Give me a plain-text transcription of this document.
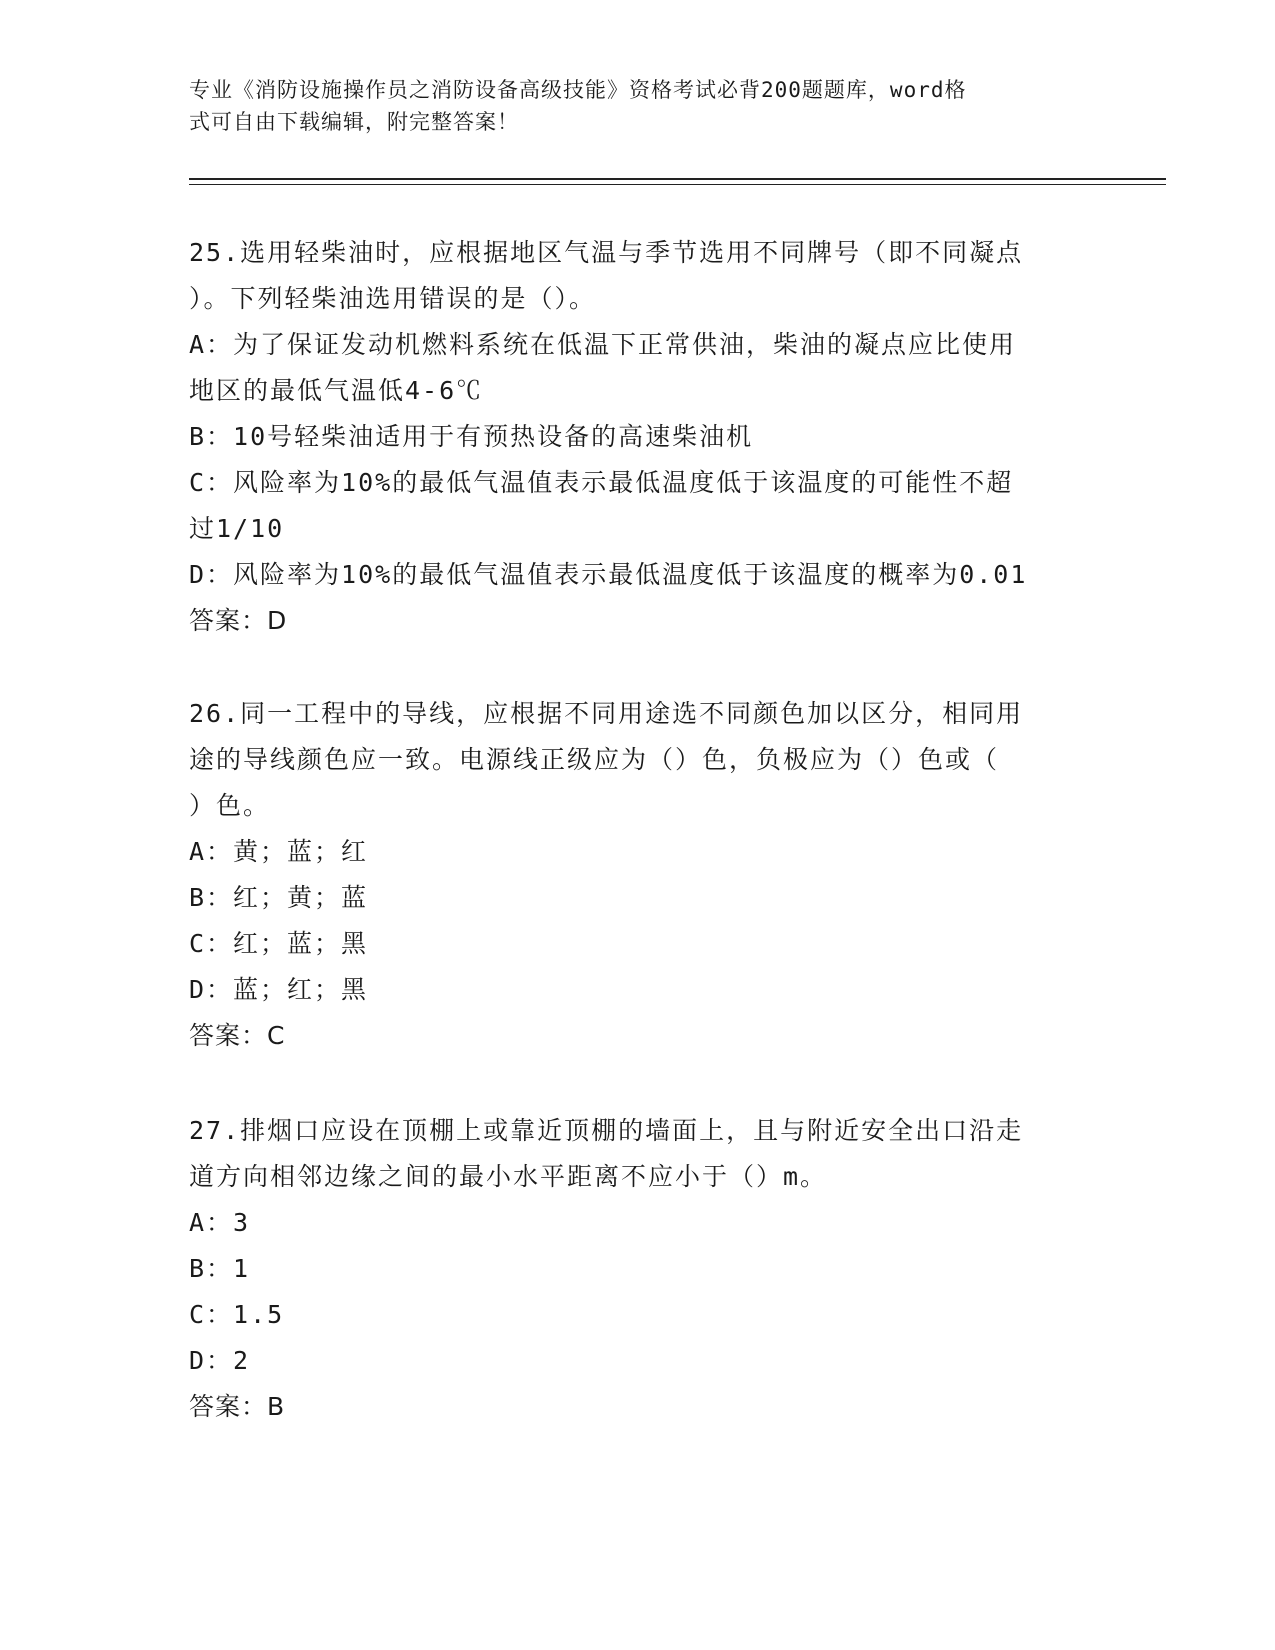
专业《消防设施操作员之消防设备高级技能》资格考试必背200题题库，word格
式可自由下载编辑，附完整答案！

25.选用轻柴油时，应根据地区气温与季节选用不同牌号（即不同凝点

）。下列轻柴油选用错误的是（）。

A：为了保证发动机燃料系统在低温下正常供油，柴油的凝点应比使用
地区的最低气温低4-6℃

B：10号轻柴油适用于有预热设备的高速柴油机

C：风险率为10%的最低气温值表示最低温度低于该温度的可能性不超
过1/10

D：风险率为10%的最低气温值表示最低温度低于该温度的概率为0.01

答案：D

26.同一工程中的导线，应根据不同用途选不同颜色加以区分，相同用

途的导线颜色应一致。电源线正级应为（）色，负极应为（）色或（

）色。

A：黄；蓝；红

B：红；黄；蓝

C：红；蓝；黑

D：蓝；红；黑

答案：C

27.排烟口应设在顶棚上或靠近顶棚的墙面上，且与附近安全出口沿走

道方向相邻边缘之间的最小水平距离不应小于（）m。

A：3

B：1

C：1.5

D：2

答案：B
